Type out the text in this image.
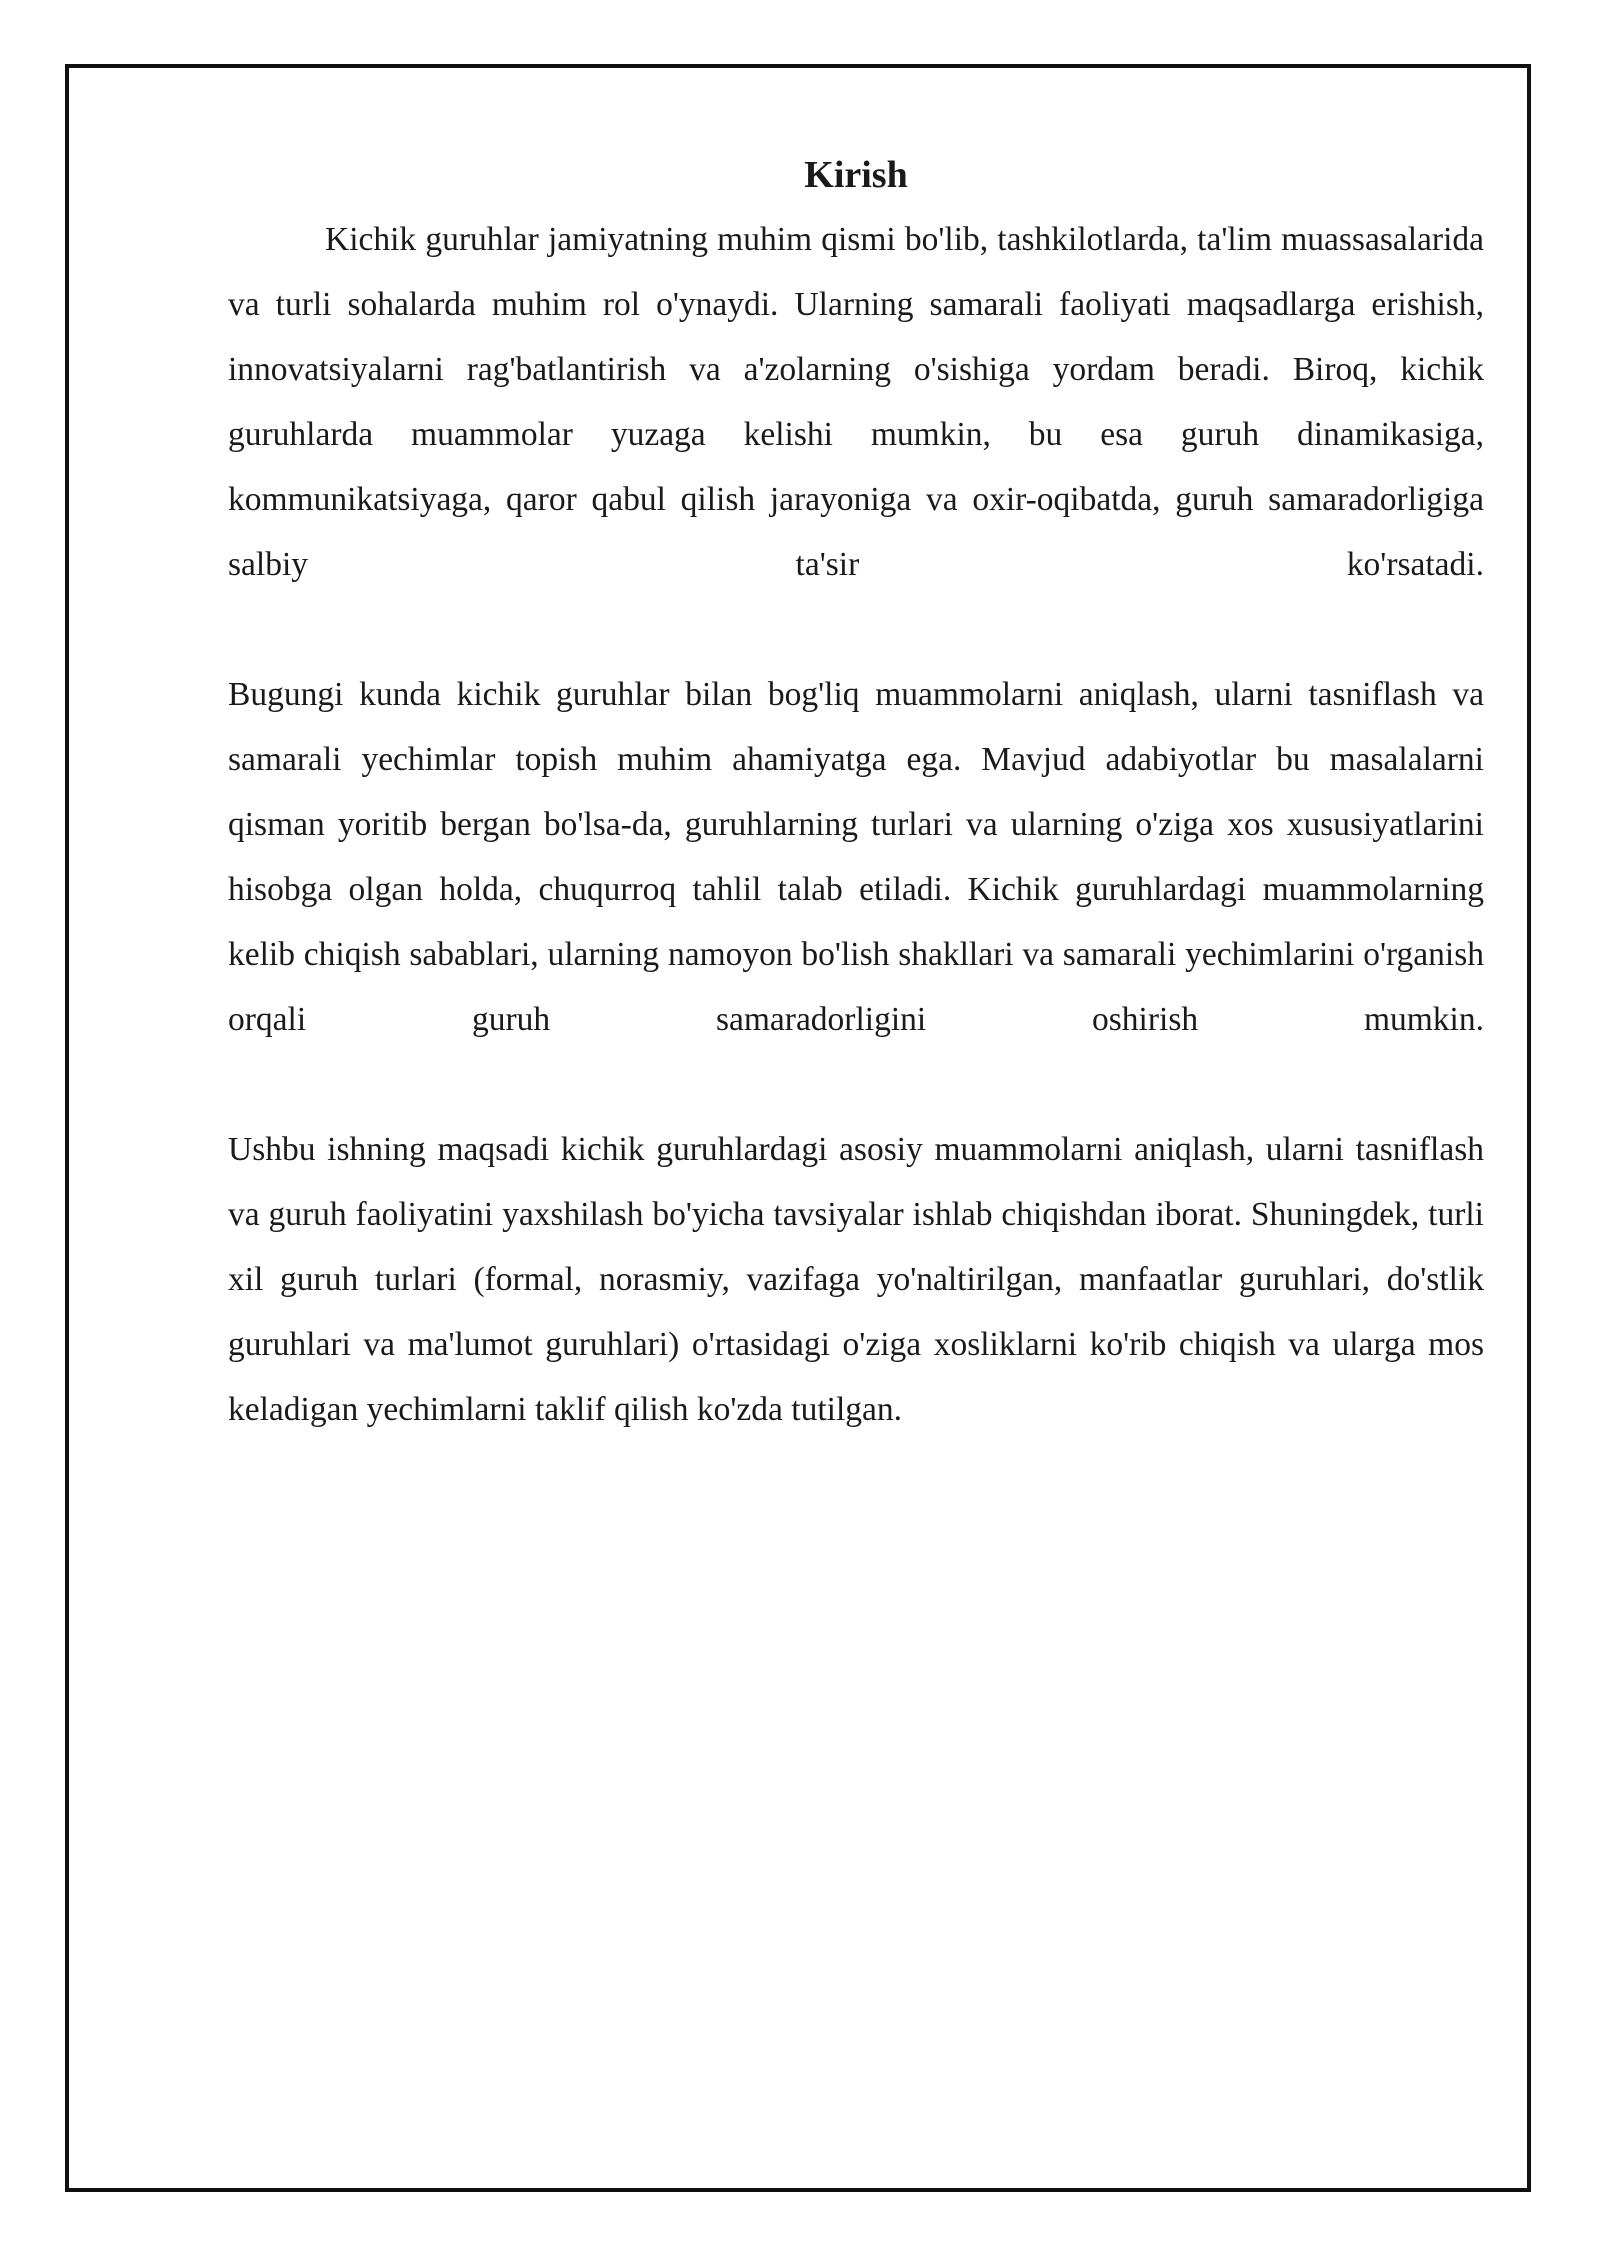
Kirish

Kichik guruhlar jamiyatning muhim qismi bo'lib, tashkilotlarda, ta'lim muassasalarida va turli sohalarda muhim rol o'ynaydi. Ularning samarali faoliyati maqsadlarga erishish, innovatsiyalarni rag'batlantirish va a'zolarning o'sishiga yordam beradi. Biroq, kichik guruhlarda muammolar yuzaga kelishi mumkin, bu esa guruh dinamikasiga, kommunikatsiyaga, qaror qabul qilish jarayoniga va oxir-oqibatda, guruh samaradorligiga salbiy ta'sir ko'rsatadi.

Bugungi kunda kichik guruhlar bilan bog'liq muammolarni aniqlash, ularni tasniflash va samarali yechimlar topish muhim ahamiyatga ega. Mavjud adabiyotlar bu masalalarni qisman yoritib bergan bo'lsa-da, guruhlarning turlari va ularning o'ziga xos xususiyatlarini hisobga olgan holda, chuqurroq tahlil talab etiladi. Kichik guruhlardagi muammolarning kelib chiqish sabablari, ularning namoyon bo'lish shakllari va samarali yechimlarini o'rganish orqali guruh samaradorligini oshirish mumkin.

Ushbu ishning maqsadi kichik guruhlardagi asosiy muammolarni aniqlash, ularni tasniflash va guruh faoliyatini yaxshilash bo'yicha tavsiyalar ishlab chiqishdan iborat. Shuningdek, turli xil guruh turlari (formal, norasmiy, vazifaga yo'naltirilgan, manfaatlar guruhlari, do'stlik guruhlari va ma'lumot guruhlari) o'rtasidagi o'ziga xosliklarni ko'rib chiqish va ularga mos keladigan yechimlarni taklif qilish ko'zda tutilgan.
